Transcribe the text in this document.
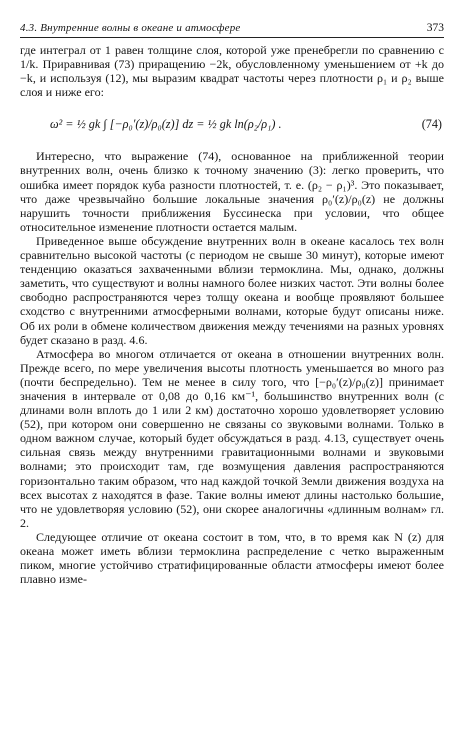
4.3. Внутренние волны в океане и атмосфере	373

где интеграл от 1 равен толщине слоя, которой уже пренебрегли по сравнению с 1/k. Приравнивая (73) приращению −2k, обусловленному уменьшением от +k до −k, и используя (12), мы выразим квадрат частоты через плотности ρ₁ и ρ₂ выше слоя и ниже его:

ω² = ½ gk ∫ [−ρ₀′(z)/ρ₀(z)] dz = ½ gk ln(ρ₂/ρ₁) .	(74)

Интересно, что выражение (74), основанное на приближенной теории внутренних волн, очень близко к точному значению (3): легко проверить, что ошибка имеет порядок куба разности плотностей, т. е. (ρ₂ − ρ₁)³. Это показывает, что даже чрезвычайно большие локальные значения ρ₀′(z)/ρ₀(z) не должны нарушить точности приближения Буссинеска при условии, что общее относительное изменение плотности остается малым.

Приведенное выше обсуждение внутренних волн в океане касалось тех волн сравнительно высокой частоты (с периодом не свыше 30 минут), которые имеют тенденцию оказаться захваченными вблизи термоклина. Мы, однако, должны заметить, что существуют и волны намного более низких частот. Эти волны более свободно распространяются через толщу океана и вообще проявляют большее сходство с внутренними атмосферными волнами, которые будут описаны ниже. Об их роли в обмене количеством движения между течениями на разных уровнях будет сказано в разд. 4.6.

Атмосфера во многом отличается от океана в отношении внутренних волн. Прежде всего, по мере увеличения высоты плотность уменьшается во много раз (почти беспредельно). Тем не менее в силу того, что [−ρ₀′(z)/ρ₀(z)] принимает значения в интервале от 0,08 до 0,16 км⁻¹, большинство внутренних волн (с длинами волн вплоть до 1 или 2 км) достаточно хорошо удовлетворяет условию (52), при котором они совершенно не связаны со звуковыми волнами. Только в одном важном случае, который будет обсуждаться в разд. 4.13, существует очень сильная связь между внутренними гравитационными волнами и звуковыми волнами; это происходит там, где возмущения давления распространяются горизонтально таким образом, что над каждой точкой Земли движения воздуха на всех высотах z находятся в фазе. Такие волны имеют длины настолько большие, что не удовлетворяя условию (52), они скорее аналогичны «длинным волнам» гл. 2.

Следующее отличие от океана состоит в том, что, в то время как N (z) для океана может иметь вблизи термоклина распределение с четко выраженным пиком, многие устойчиво стратифицированные области атмосферы имеют более плавно изме-
